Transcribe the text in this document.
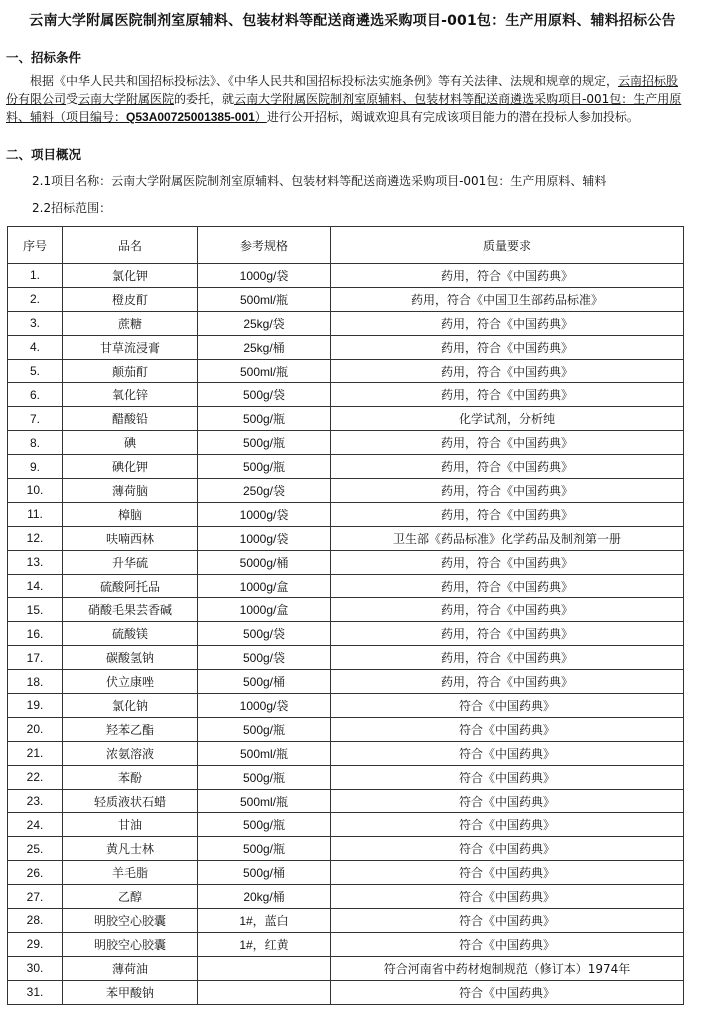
云南大学附属医院制剂室原辅料、包装材料等配送商遴选采购项目-001包：生产用原料、辅料招标公告
一、招标条件
根据《中华人民共和国招标投标法》、《中华人民共和国招标投标法实施条例》等有关法律、法规和规章的规定，云南招标股份有限公司受云南大学附属医院的委托，就云南大学附属医院制剂室原辅料、包装材料等配送商遴选采购项目-001包：生产用原料、辅料（项目编号：Q53A00725001385-001）进行公开招标，竭诚欢迎具有完成该项目能力的潜在投标人参加投标。
二、项目概况
2.1项目名称：云南大学附属医院制剂室原辅料、包装材料等配送商遴选采购项目-001包：生产用原料、辅料
2.2招标范围：
序号	品名	参考规格	质量要求
1.	氯化钾	1000g/袋	药用，符合《中国药典》
2.	橙皮酊	500ml/瓶	药用，符合《中国卫生部药品标准》
3.	蔗糖	25kg/袋	药用，符合《中国药典》
4.	甘草流浸膏	25kg/桶	药用，符合《中国药典》
5.	颠茄酊	500ml/瓶	药用，符合《中国药典》
6.	氧化锌	500g/袋	药用，符合《中国药典》
7.	醋酸铅	500g/瓶	化学试剂，分析纯
8.	碘	500g/瓶	药用，符合《中国药典》
9.	碘化钾	500g/瓶	药用，符合《中国药典》
10.	薄荷脑	250g/袋	药用，符合《中国药典》
11.	樟脑	1000g/袋	药用，符合《中国药典》
12.	呋喃西林	1000g/袋	卫生部《药品标准》化学药品及制剂第一册
13.	升华硫	5000g/桶	药用，符合《中国药典》
14.	硫酸阿托品	1000g/盒	药用，符合《中国药典》
15.	硝酸毛果芸香碱	1000g/盒	药用，符合《中国药典》
16.	硫酸镁	500g/袋	药用，符合《中国药典》
17.	碳酸氢钠	500g/袋	药用，符合《中国药典》
18.	伏立康唑	500g/桶	药用，符合《中国药典》
19.	氯化钠	1000g/袋	符合《中国药典》
20.	羟苯乙酯	500g/瓶	符合《中国药典》
21.	浓氨溶液	500ml/瓶	符合《中国药典》
22.	苯酚	500g/瓶	符合《中国药典》
23.	轻质液状石蜡	500ml/瓶	符合《中国药典》
24.	甘油	500g/瓶	符合《中国药典》
25.	黄凡士林	500g/瓶	符合《中国药典》
26.	羊毛脂	500g/桶	符合《中国药典》
27.	乙醇	20kg/桶	符合《中国药典》
28.	明胶空心胶囊	1#，蓝白	符合《中国药典》
29.	明胶空心胶囊	1#，红黄	符合《中国药典》
30.	薄荷油		符合河南省中药材炮制规范（修订本）1974年
31.	苯甲酸钠		符合《中国药典》
